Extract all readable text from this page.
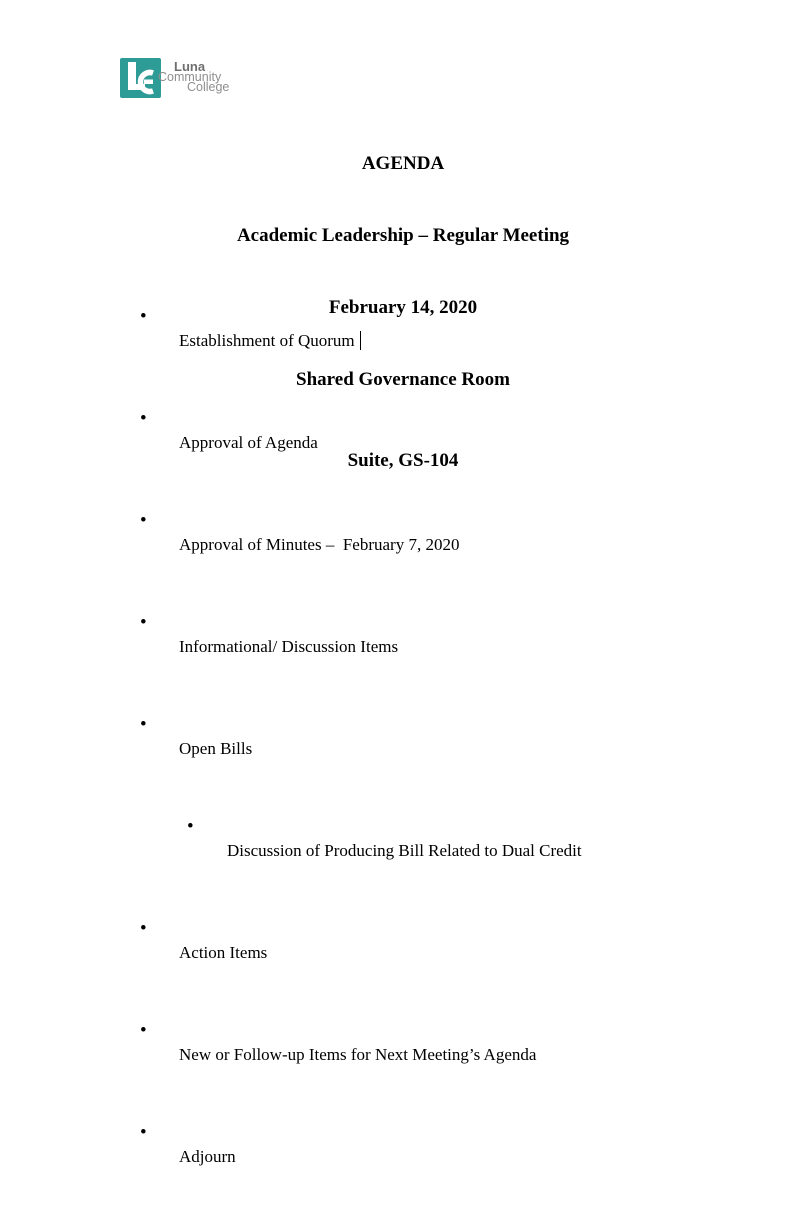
Luna
Community
College

AGENDA

Academic Leadership – Regular Meeting

February 14, 2020

Shared Governance Room

Suite, GS-104

•
Establishment of Quorum

•
Approval of Agenda

•
Approval of Minutes –  February 7, 2020

•
Informational/ Discussion Items

•
Open Bills

•
Discussion of Producing Bill Related to Dual Credit

•
Action Items

•
New or Follow-up Items for Next Meeting’s Agenda

•
Adjourn
